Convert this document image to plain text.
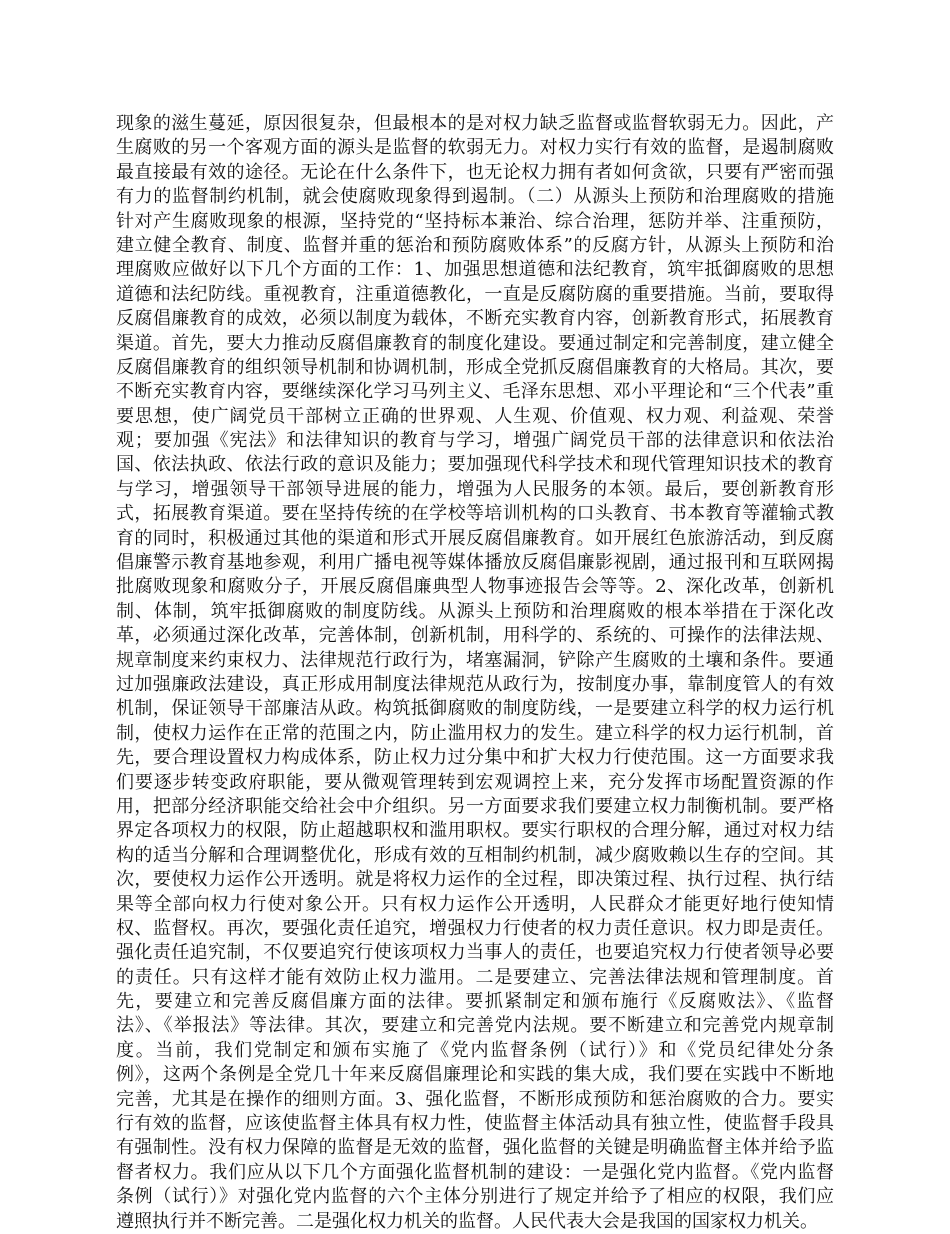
现象的滋生蔓延，原因很复杂，但最根本的是对权力缺乏监督或监督软弱无力。因此，产
生腐败的另一个客观方面的源头是监督的软弱无力。对权力实行有效的监督，是遏制腐败
最直接最有效的途径。无论在什么条件下，也无论权力拥有者如何贪欲，只要有严密而强
有力的监督制约机制，就会使腐败现象得到遏制。（二）从源头上预防和治理腐败的措施
针对产生腐败现象的根源，坚持党的“坚持标本兼治、综合治理，惩防并举、注重预防，
建立健全教育、制度、监督并重的惩治和预防腐败体系”的反腐方针，从源头上预防和治
理腐败应做好以下几个方面的工作：1、加强思想道德和法纪教育，筑牢抵御腐败的思想
道德和法纪防线。重视教育，注重道德教化，一直是反腐防腐的重要措施。当前，要取得
反腐倡廉教育的成效，必须以制度为载体，不断充实教育内容，创新教育形式，拓展教育
渠道。首先，要大力推动反腐倡廉教育的制度化建设。要通过制定和完善制度，建立健全
反腐倡廉教育的组织领导机制和协调机制，形成全党抓反腐倡廉教育的大格局。其次，要
不断充实教育内容，要继续深化学习马列主义、毛泽东思想、邓小平理论和“三个代表”重
要思想，使广阔党员干部树立正确的世界观、人生观、价值观、权力观、利益观、荣誉
观；要加强《宪法》和法律知识的教育与学习，增强广阔党员干部的法律意识和依法治
国、依法执政、依法行政的意识及能力；要加强现代科学技术和现代管理知识技术的教育
与学习，增强领导干部领导进展的能力，增强为人民服务的本领。最后，要创新教育形
式，拓展教育渠道。要在坚持传统的在学校等培训机构的口头教育、书本教育等灌输式教
育的同时，积极通过其他的渠道和形式开展反腐倡廉教育。如开展红色旅游活动，到反腐
倡廉警示教育基地参观，利用广播电视等媒体播放反腐倡廉影视剧，通过报刊和互联网揭
批腐败现象和腐败分子，开展反腐倡廉典型人物事迹报告会等等。2、深化改革，创新机
制、体制，筑牢抵御腐败的制度防线。从源头上预防和治理腐败的根本举措在于深化改
革，必须通过深化改革，完善体制，创新机制，用科学的、系统的、可操作的法律法规、
规章制度来约束权力、法律规范行政行为，堵塞漏洞，铲除产生腐败的土壤和条件。要通
过加强廉政法建设，真正形成用制度法律规范从政行为，按制度办事，靠制度管人的有效
机制，保证领导干部廉洁从政。构筑抵御腐败的制度防线，一是要建立科学的权力运行机
制，使权力运作在正常的范围之内，防止滥用权力的发生。建立科学的权力运行机制，首
先，要合理设置权力构成体系，防止权力过分集中和扩大权力行使范围。这一方面要求我
们要逐步转变政府职能，要从微观管理转到宏观调控上来，充分发挥市场配置资源的作
用，把部分经济职能交给社会中介组织。另一方面要求我们要建立权力制衡机制。要严格
界定各项权力的权限，防止超越职权和滥用职权。要实行职权的合理分解，通过对权力结
构的适当分解和合理调整优化，形成有效的互相制约机制，减少腐败赖以生存的空间。其
次，要使权力运作公开透明。就是将权力运作的全过程，即决策过程、执行过程、执行结
果等全部向权力行使对象公开。只有权力运作公开透明，人民群众才能更好地行使知情
权、监督权。再次，要强化责任追究，增强权力行使者的权力责任意识。权力即是责任。
强化责任追究制，不仅要追究行使该项权力当事人的责任，也要追究权力行使者领导必要
的责任。只有这样才能有效防止权力滥用。二是要建立、完善法律法规和管理制度。首
先，要建立和完善反腐倡廉方面的法律。要抓紧制定和颁布施行《反腐败法》、《监督
法》、《举报法》等法律。其次，要建立和完善党内法规。要不断建立和完善党内规章制
度。当前，我们党制定和颁布实施了《党内监督条例（试行）》和《党员纪律处分条
例》，这两个条例是全党几十年来反腐倡廉理论和实践的集大成，我们要在实践中不断地
完善，尤其是在操作的细则方面。3、强化监督，不断形成预防和惩治腐败的合力。要实
行有效的监督，应该使监督主体具有权力性，使监督主体活动具有独立性，使监督手段具
有强制性。没有权力保障的监督是无效的监督，强化监督的关键是明确监督主体并给予监
督者权力。我们应从以下几个方面强化监督机制的建设：一是强化党内监督。《党内监督
条例（试行）》对强化党内监督的六个主体分别进行了规定并给予了相应的权限，我们应
遵照执行并不断完善。二是强化权力机关的监督。人民代表大会是我国的国家权力机关。
